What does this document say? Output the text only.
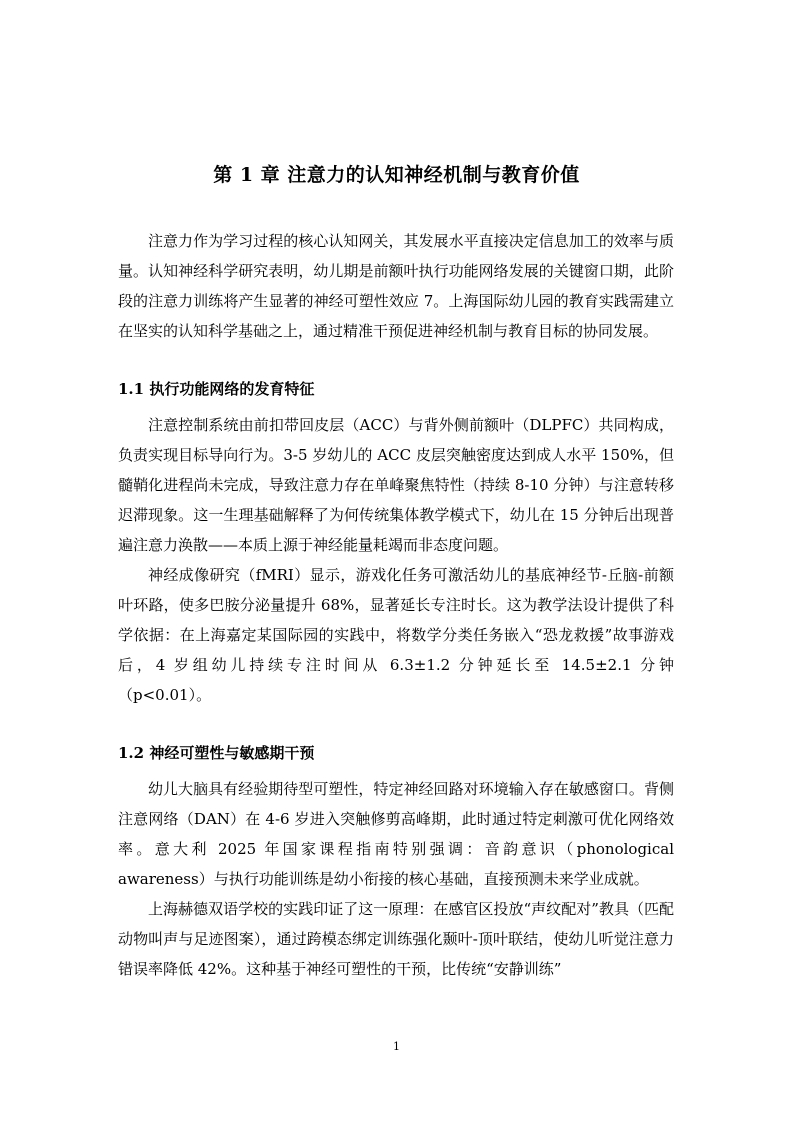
第 1 章 注意力的认知神经机制与教育价值

注意力作为学习过程的核心认知网关，其发展水平直接决定信息加工的效率与质量。认知神经科学研究表明，幼儿期是前额叶执行功能网络发展的关键窗口期，此阶段的注意力训练将产生显著的神经可塑性效应 7。上海国际幼儿园的教育实践需建立在坚实的认知科学基础之上，通过精准干预促进神经机制与教育目标的协同发展。

1.1 执行功能网络的发育特征

注意控制系统由前扣带回皮层（ACC）与背外侧前额叶（DLPFC）共同构成，负责实现目标导向行为。3-5 岁幼儿的 ACC 皮层突触密度达到成人水平 150%，但髓鞘化进程尚未完成，导致注意力存在单峰聚焦特性（持续 8-10 分钟）与注意转移迟滞现象。这一生理基础解释了为何传统集体教学模式下，幼儿在 15 分钟后出现普遍注意力涣散——本质上源于神经能量耗竭而非态度问题。

神经成像研究（fMRI）显示，游戏化任务可激活幼儿的基底神经节-丘脑-前额叶环路，使多巴胺分泌量提升 68%，显著延长专注时长。这为教学法设计提供了科学依据：在上海嘉定某国际园的实践中，将数学分类任务嵌入“恐龙救援”故事游戏后，4 岁组幼儿持续专注时间从 6.3±1.2 分钟延长至 14.5±2.1 分钟（p<0.01）。

1.2 神经可塑性与敏感期干预

幼儿大脑具有经验期待型可塑性，特定神经回路对环境输入存在敏感窗口。背侧注意网络（DAN）在 4-6 岁进入突触修剪高峰期，此时通过特定刺激可优化网络效率。意大利 2025 年国家课程指南特别强调：音韵意识（phonological awareness）与执行功能训练是幼小衔接的核心基础，直接预测未来学业成就。

上海赫德双语学校的实践印证了这一原理：在感官区投放“声纹配对”教具（匹配动物叫声与足迹图案），通过跨模态绑定训练强化颞叶-顶叶联结，使幼儿听觉注意力错误率降低 42%。这种基于神经可塑性的干预，比传统“安静训练”

1
